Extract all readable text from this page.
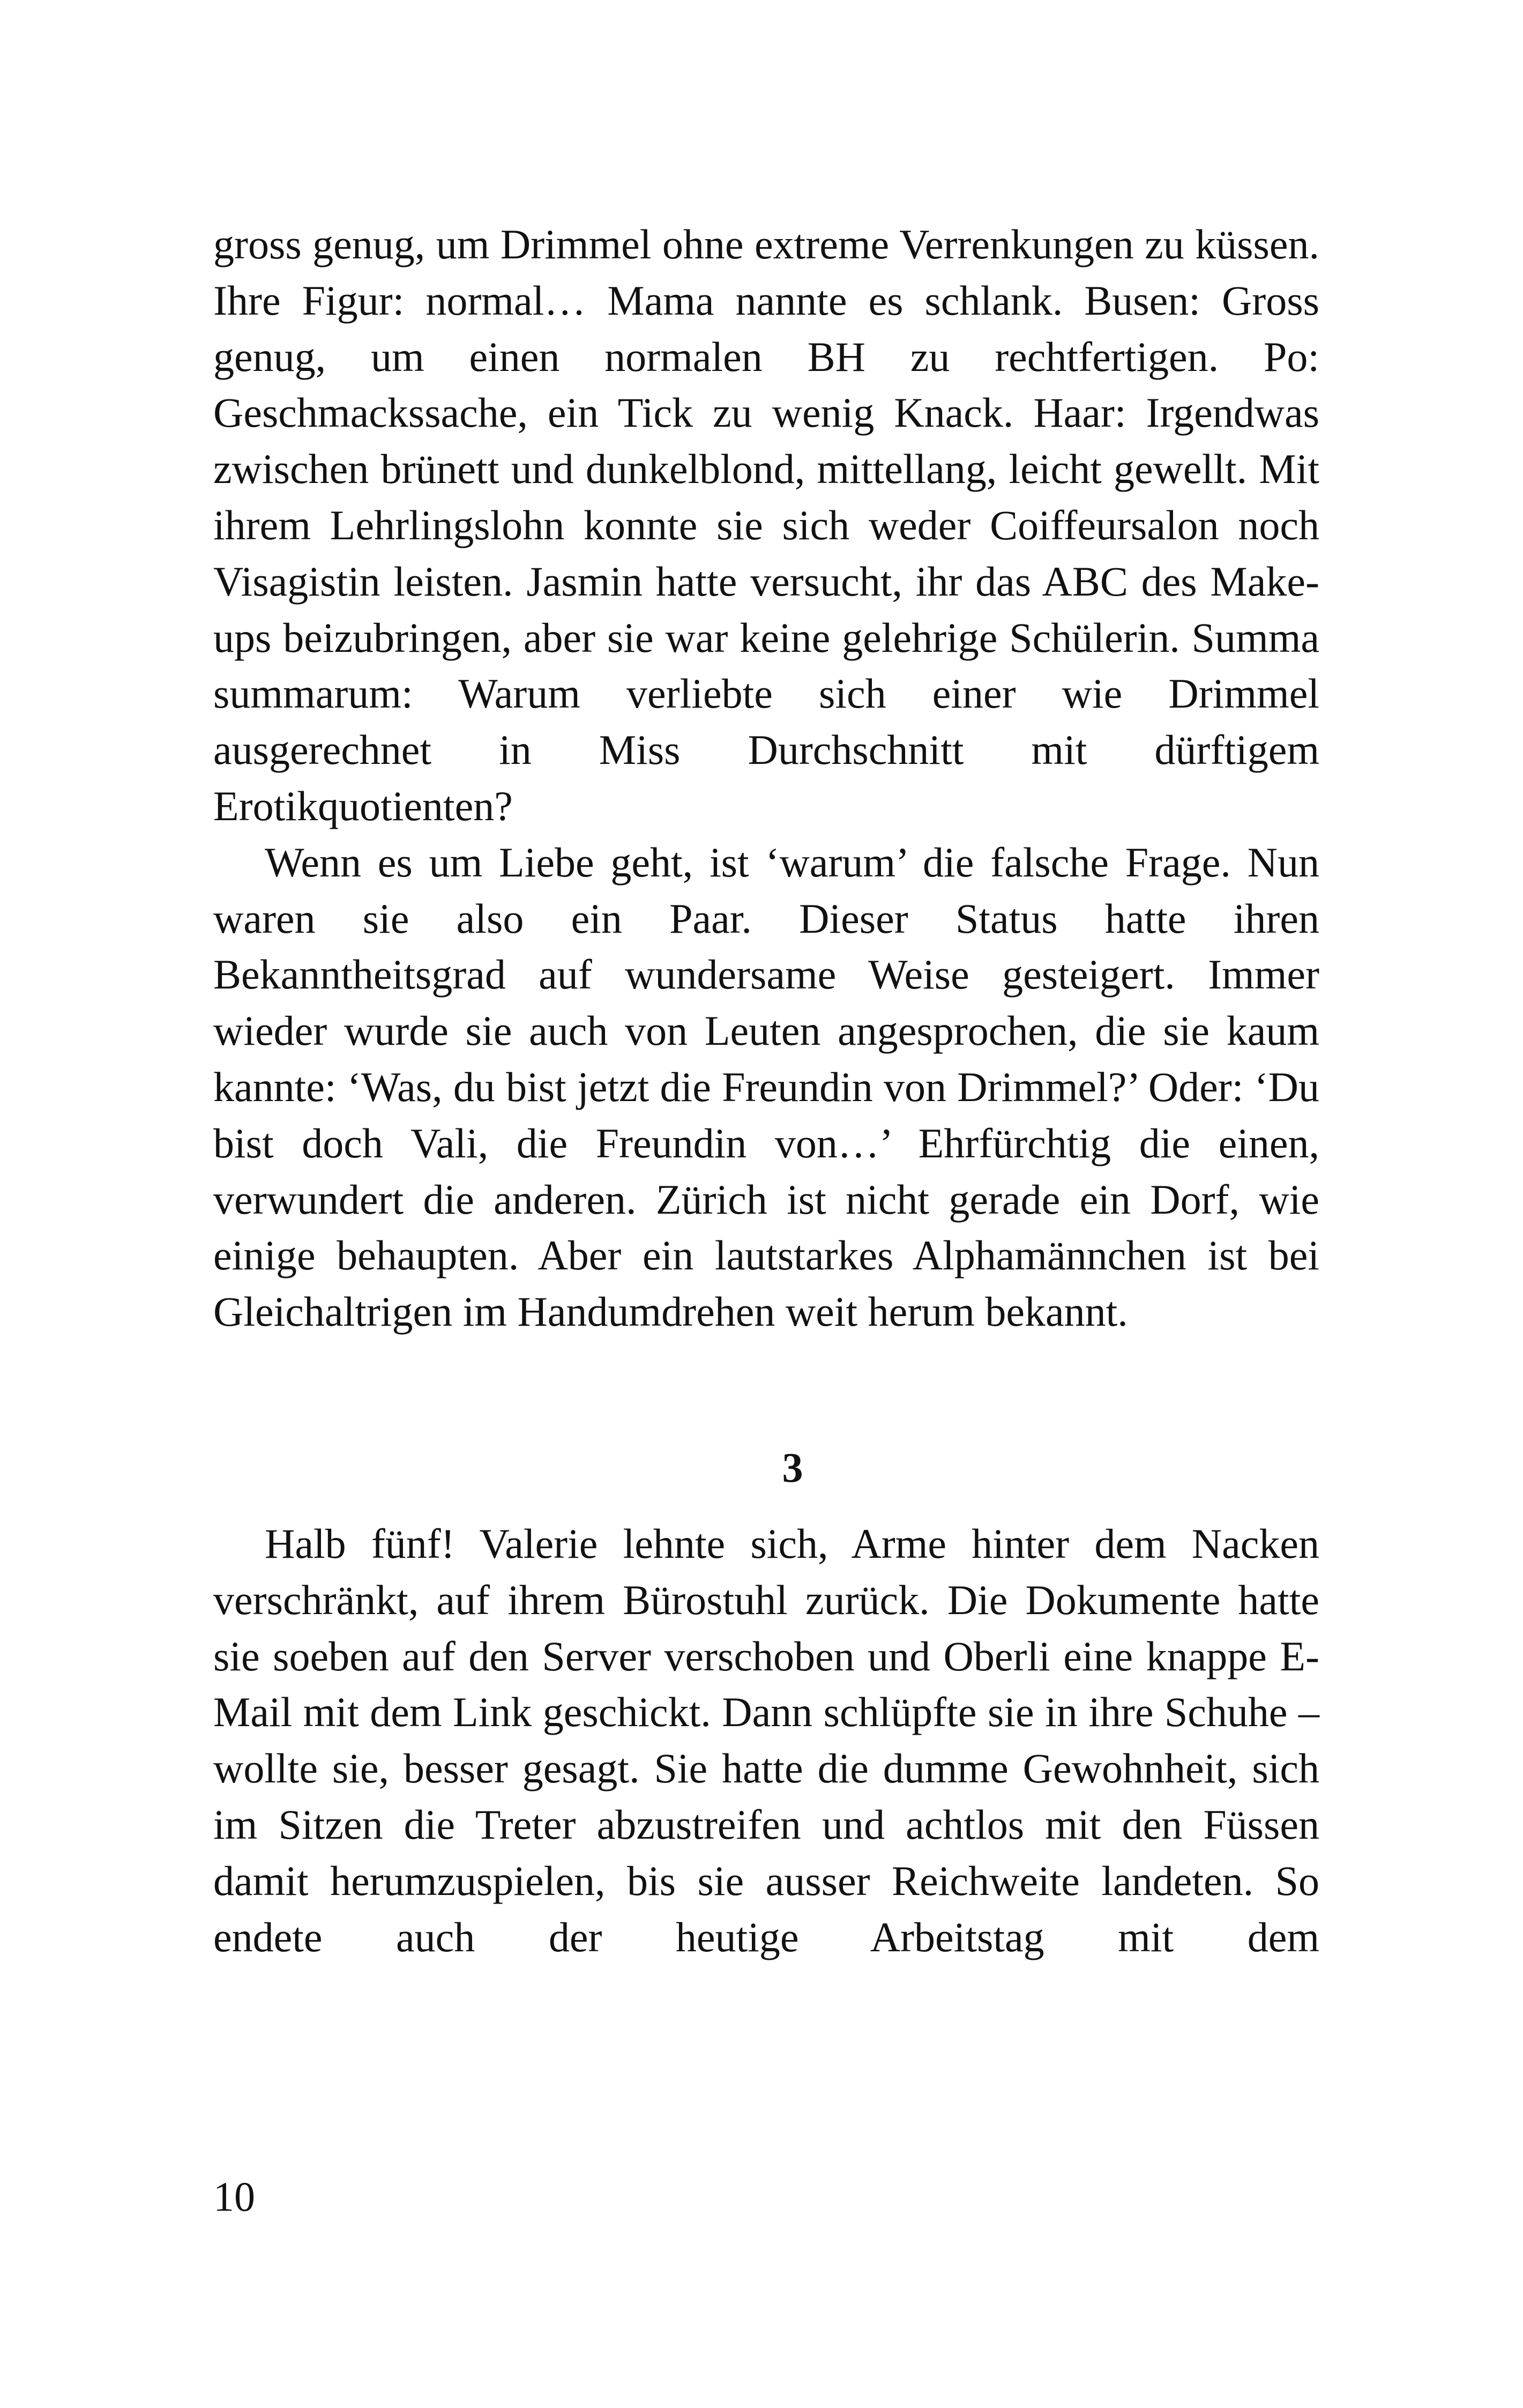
gross genug, um Drimmel ohne extreme Verrenkungen zu küssen. Ihre Figur: normal… Mama nannte es schlank. Busen: Gross genug, um einen normalen BH zu rechtfertigen. Po: Geschmackssache, ein Tick zu wenig Knack. Haar: Irgendwas zwischen brünett und dunkelblond, mittellang, leicht gewellt. Mit ihrem Lehrlingslohn konnte sie sich weder Coiffeursalon noch Visagistin leisten. Jasmin hatte versucht, ihr das ABC des Make-ups beizubringen, aber sie war keine gelehrige Schülerin. Summa summarum: Warum verliebte sich einer wie Drimmel ausgerechnet in Miss Durchschnitt mit dürftigem Erotikquotienten?

Wenn es um Liebe geht, ist ‘warum’ die falsche Frage. Nun waren sie also ein Paar. Dieser Status hatte ihren Bekanntheitsgrad auf wundersame Weise gesteigert. Immer wieder wurde sie auch von Leuten angesprochen, die sie kaum kannte: ‘Was, du bist jetzt die Freundin von Drimmel?’ Oder: ‘Du bist doch Vali, die Freundin von…’ Ehrfürchtig die einen, verwundert die anderen. Zürich ist nicht gerade ein Dorf, wie einige behaupten. Aber ein lautstarkes Alphamännchen ist bei Gleichaltrigen im Handumdrehen weit herum bekannt.

3

Halb fünf! Valerie lehnte sich, Arme hinter dem Nacken verschränkt, auf ihrem Bürostuhl zurück. Die Dokumente hatte sie soeben auf den Server verschoben und Oberli eine knappe E-Mail mit dem Link geschickt. Dann schlüpfte sie in ihre Schuhe – wollte sie, besser gesagt. Sie hatte die dumme Gewohnheit, sich im Sitzen die Treter abzustreifen und achtlos mit den Füssen damit herumzuspielen, bis sie ausser Reichweite landeten. So endete auch der heutige Arbeitstag mit dem

10
